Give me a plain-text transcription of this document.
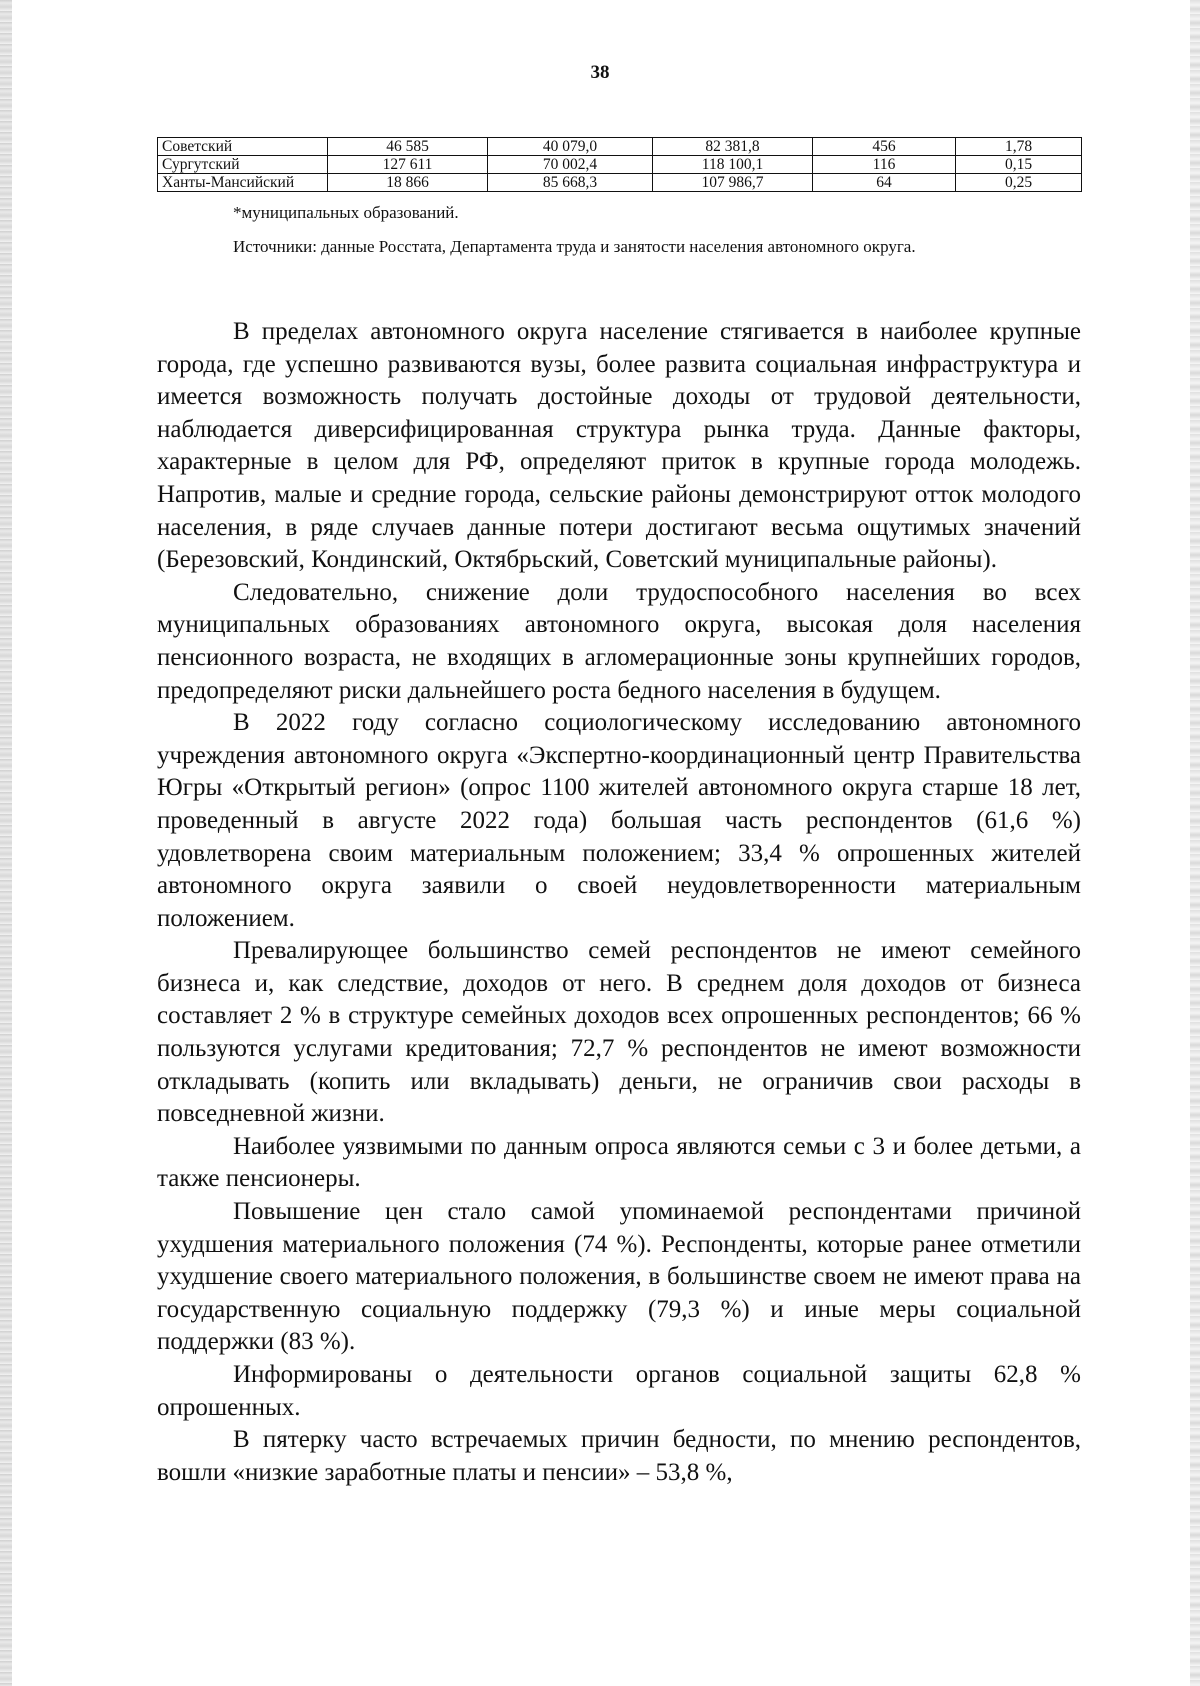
38
Советский	46 585	40 079,0	82 381,8	456	1,78
Сургутский	127 611	70 002,4	118 100,1	116	0,15
Ханты-Мансийский	18 866	85 668,3	107 986,7	64	0,25
*муниципальных образований.
Источники: данные Росстата, Департамента труда и занятости населения автономного округа.

В пределах автономного округа население стягивается в наиболее крупные города, где успешно развиваются вузы, более развита социальная инфраструктура и имеется возможность получать достойные доходы от трудовой деятельности, наблюдается диверсифицированная структура рынка труда. Данные факторы, характерные в целом для РФ, определяют приток в крупные города молодежь. Напротив, малые и средние города, сельские районы демонстрируют отток молодого населения, в ряде случаев данные потери достигают весьма ощутимых значений (Березовский, Кондинский, Октябрьский, Советский муниципальные районы).

Следовательно, снижение доли трудоспособного населения во всех муниципальных образованиях автономного округа, высокая доля населения пенсионного возраста, не входящих в агломерационные зоны крупнейших городов, предопределяют риски дальнейшего роста бедного населения в будущем.

В 2022 году согласно социологическому исследованию автономного учреждения автономного округа «Экспертно-координационный центр Правительства Югры «Открытый регион» (опрос 1100 жителей автономного округа старше 18 лет, проведенный в августе 2022 года) большая часть респондентов (61,6 %) удовлетворена своим материальным положением; 33,4 % опрошенных жителей автономного округа заявили о своей неудовлетворенности материальным положением.

Превалирующее большинство семей респондентов не имеют семейного бизнеса и, как следствие, доходов от него. В среднем доля доходов от бизнеса составляет 2 % в структуре семейных доходов всех опрошенных респондентов; 66 % пользуются услугами кредитования; 72,7 % респондентов не имеют возможности откладывать (копить или вкладывать) деньги, не ограничив свои расходы в повседневной жизни.

Наиболее уязвимыми по данным опроса являются семьи с 3 и более детьми, а также пенсионеры.

Повышение цен стало самой упоминаемой респондентами причиной ухудшения материального положения (74 %). Респонденты, которые ранее отметили ухудшение своего материального положения, в большинстве своем не имеют права на государственную социальную поддержку (79,3 %) и иные меры социальной поддержки (83 %).

Информированы о деятельности органов социальной защиты 62,8 % опрошенных.

В пятерку часто встречаемых причин бедности, по мнению респондентов, вошли «низкие заработные платы и пенсии» – 53,8 %,
